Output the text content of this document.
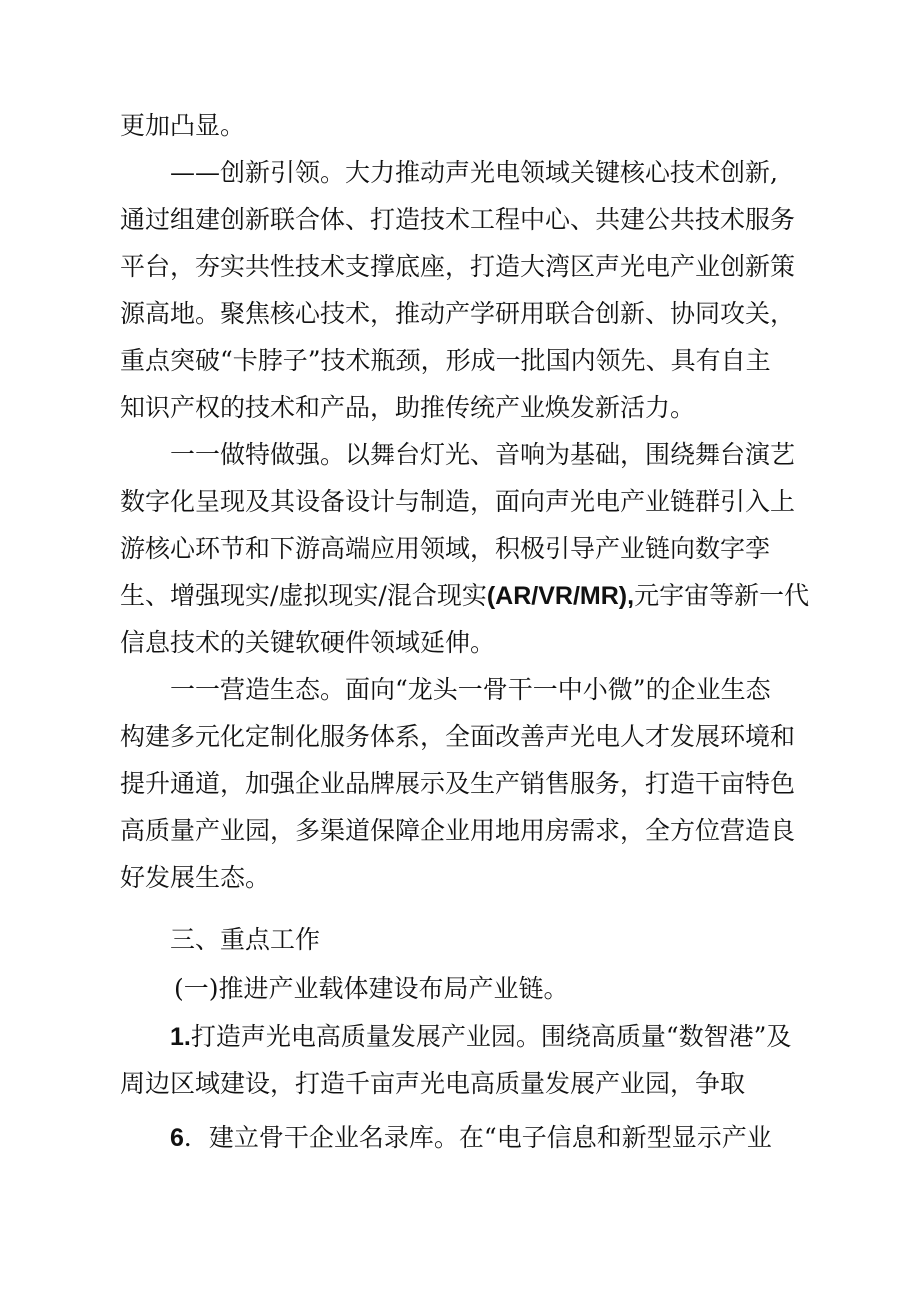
更加凸显。
——创新引领。大力推动声光电领域关键核心技术创新,
通过组建创新联合体、打造技术工程中心、共建公共技术服务
平台，夯实共性技术支撑底座，打造大湾区声光电产业创新策
源高地。聚焦核心技术，推动产学研用联合创新、协同攻关，
重点突破“卡脖子”技术瓶颈，形成一批国内领先、具有自主
知识产权的技术和产品，助推传统产业焕发新活力。
一一做特做强。以舞台灯光、音响为基础，围绕舞台演艺
数字化呈现及其设备设计与制造，面向声光电产业链群引入上
游核心环节和下游高端应用领域，积极引导产业链向数字孪
生、增强现实/虚拟现实/混合现实(AR/VR/MR),元宇宙等新一代
信息技术的关键软硬件领域延伸。
一一营造生态。面向“龙头一骨干一中小微”的企业生态
构建多元化定制化服务体系，全面改善声光电人才发展环境和
提升通道，加强企业品牌展示及生产销售服务，打造干亩特色
高质量产业园，多渠道保障企业用地用房需求，全方位营造良
好发展生态。
三、重点工作
(一)推进产业载体建设布局产业链。
1.打造声光电高质量发展产业园。围绕高质量“数智港”及
周边区域建设，打造千亩声光电高质量发展产业园，争取
6．建立骨干企业名录库。在“电子信息和新型显示产业
